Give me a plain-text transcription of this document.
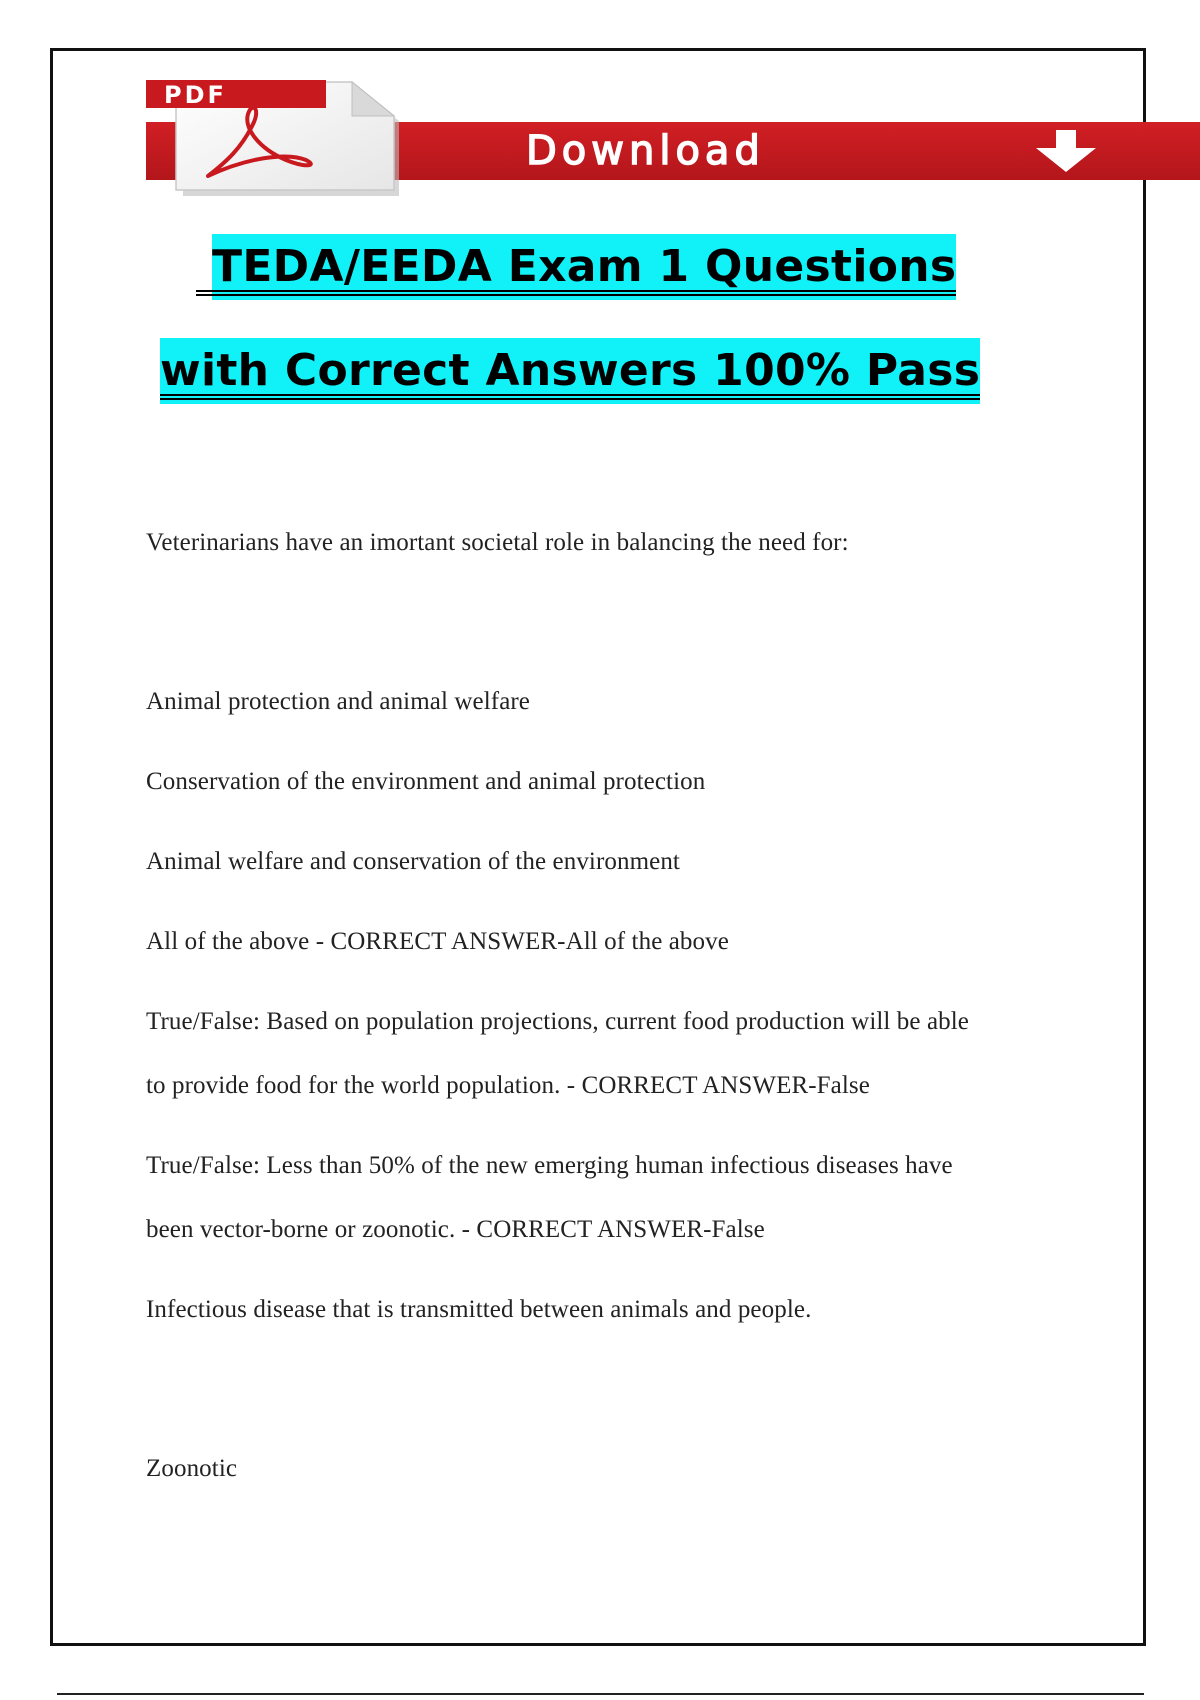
Download
PDF
TEDA/EEDA Exam 1 Questions
with Correct Answers 100% Pass
Veterinarians have an imortant societal role in balancing the need for:
Animal protection and animal welfare
Conservation of the environment and animal protection
Animal welfare and conservation of the environment
All of the above - CORRECT ANSWER-All of the above
True/False: Based on population projections, current food production will be able
to provide food for the world population. - CORRECT ANSWER-False
True/False: Less than 50% of the new emerging human infectious diseases have
been vector-borne or zoonotic. - CORRECT ANSWER-False
Infectious disease that is transmitted between animals and people.
Zoonotic
